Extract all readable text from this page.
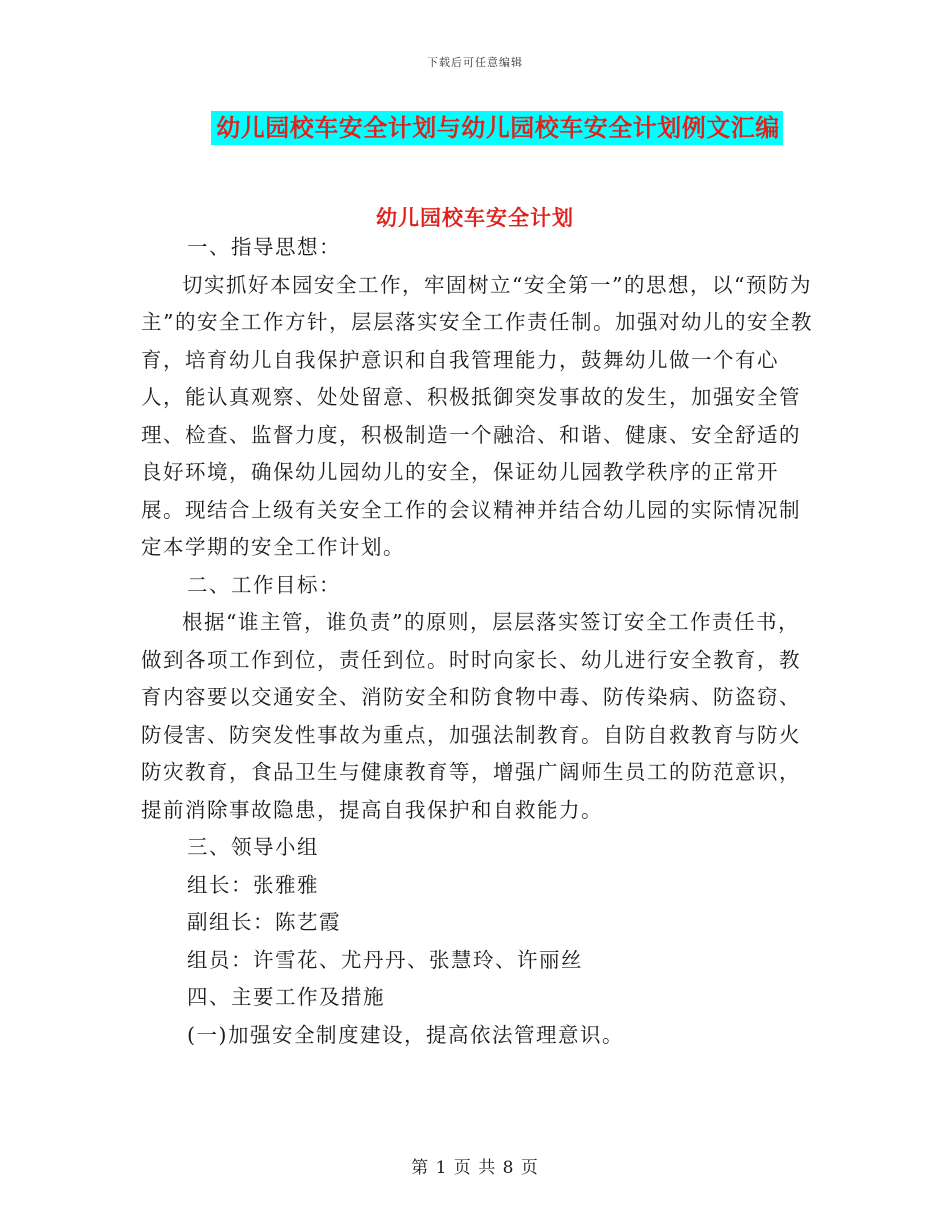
下载后可任意编辑
幼儿园校车安全计划与幼儿园校车安全计划例文汇编
幼儿园校车安全计划

一、指导思想：

切实抓好本园安全工作，牢固树立“安全第一”的思想，以“预防为主”的安全工作方针，层层落实安全工作责任制。加强对幼儿的安全教育，培育幼儿自我保护意识和自我管理能力，鼓舞幼儿做一个有心人，能认真观察、处处留意、积极抵御突发事故的发生，加强安全管理、检查、监督力度，积极制造一个融洽、和谐、健康、安全舒适的良好环境，确保幼儿园幼儿的安全，保证幼儿园教学秩序的正常开展。现结合上级有关安全工作的会议精神并结合幼儿园的实际情况制定本学期的安全工作计划。

二、工作目标：

根据“谁主管，谁负责”的原则，层层落实签订安全工作责任书，做到各项工作到位，责任到位。时时向家长、幼儿进行安全教育，教育内容要以交通安全、消防安全和防食物中毒、防传染病、防盗窃、防侵害、防突发性事故为重点，加强法制教育。自防自救教育与防火防灾教育，食品卫生与健康教育等，增强广阔师生员工的防范意识，提前消除事故隐患，提高自我保护和自救能力。

三、领导小组

组长：张雅雅

副组长：陈艺霞

组员：许雪花、尤丹丹、张慧玲、许丽丝

四、主要工作及措施

(一)加强安全制度建设，提高依法管理意识。

第 1 页 共 8 页
